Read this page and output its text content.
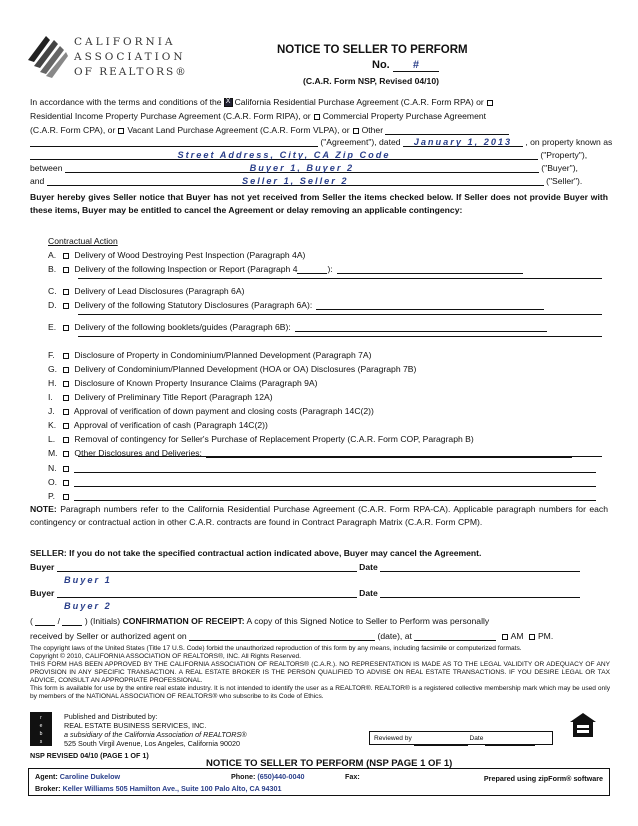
CALIFORNIA
ASSOCIATION
OF REALTORS®
NOTICE TO SELLER TO PERFORM
No. #
(C.A.R. Form NSP, Revised 04/10)
In accordance with the terms and conditions of the X California Residential Purchase Agreement (C.A.R. Form RPA) or
Residential Income Property Purchase Agreement (C.A.R. Form RIPA), or Commercial Property Purchase Agreement
(C.A.R. Form CPA), or Vacant Land Purchase Agreement (C.A.R. Form VLPA), or Other
("Agreement"), dated January 1, 2013 , on property known as
Street Address, City, CA Zip Code	("Property"),
between	Buyer 1, Buyer 2	("Buyer"),
and	Seller 1, Seller 2	("Seller").
Buyer hereby gives Seller notice that Buyer has not yet received from Seller the items checked below. If Seller does not provide Buyer with these items, Buyer may be entitled to cancel the Agreement or delay removing an applicable contingency:
Contractual Action
A. Delivery of Wood Destroying Pest Inspection (Paragraph 4A)
B. Delivery of the following Inspection or Report (Paragraph 4	):
C. Delivery of Lead Disclosures (Paragraph 6A)
D. Delivery of the following Statutory Disclosures (Paragraph 6A):
E. Delivery of the following booklets/guides (Paragraph 6B):
F. Disclosure of Property in Condominium/Planned Development (Paragraph 7A)
G. Delivery of Condominium/Planned Development (HOA or OA) Disclosures (Paragraph 7B)
H. Disclosure of Known Property Insurance Claims (Paragraph 9A)
I.	Delivery of Preliminary Title Report (Paragraph 12A)
J. Approval of verification of down payment and closing costs (Paragraph 14C(2))
K. Approval of verification of cash (Paragraph 14C(2))
L. Removal of contingency for Seller's Purchase of Replacement Property (C.A.R. Form COP, Paragraph B)
M. Other Disclosures and Deliveries:
N.
O.
P.
NOTE: Paragraph numbers refer to the California Residential Purchase Agreement (C.A.R. Form RPA-CA). Applicable paragraph numbers for each contingency or contractual action in other C.A.R. contracts are found in Contract Paragraph Matrix (C.A.R. Form CPM).
SELLER: If you do not take the specified contractual action indicated above, Buyer may cancel the Agreement.
Buyer	Date
Buyer 1
Buyer	Date
Buyer 2
(	/	) (Initials) CONFIRMATION OF RECEIPT: A copy of this Signed Notice to Seller to Perform was personally
received by Seller or authorized agent on	(date), at	AM PM.
The copyright laws of the United States (Title 17 U.S. Code) forbid the unauthorized reproduction of this form by any means, including facsimile or computerized formats.
Copyright © 2010, CALIFORNIA ASSOCIATION OF REALTORS®, INC. All Rights Reserved.
THIS FORM HAS BEEN APPROVED BY THE CALIFORNIA ASSOCIATION OF REALTORS® (C.A.R.). NO REPRESENTATION IS MADE AS TO THE LEGAL VALIDITY OR ADEQUACY OF ANY PROVISION IN ANY SPECIFIC TRANSACTION. A REAL ESTATE BROKER IS THE PERSON QUALIFIED TO ADVISE ON REAL ESTATE TRANSACTIONS. IF YOU DESIRE LEGAL OR TAX ADVICE, CONSULT AN APPROPRIATE PROFESSIONAL.
This form is available for use by the entire real estate industry. It is not intended to identify the user as a REALTOR®. REALTOR® is a registered collective membership mark which may be used only by members of the NATIONAL ASSOCIATION OF REALTORS® who subscribe to its Code of Ethics.
r
e
b
s
Published and Distributed by:
REAL ESTATE BUSINESS SERVICES, INC.
a subsidiary of the California Association of REALTORS®
525 South Virgil Avenue, Los Angeles, California 90020
Reviewed by	Date
NSP REVISED 04/10 (PAGE 1 OF 1)
NOTICE TO SELLER TO PERFORM (NSP PAGE 1 OF 1)
Agent: Caroline Dukelow	Phone: (650)440-0040	Fax:	Prepared using zipForm® software
Broker: Keller Williams 505 Hamilton Ave., Suite 100 Palo Alto, CA 94301
